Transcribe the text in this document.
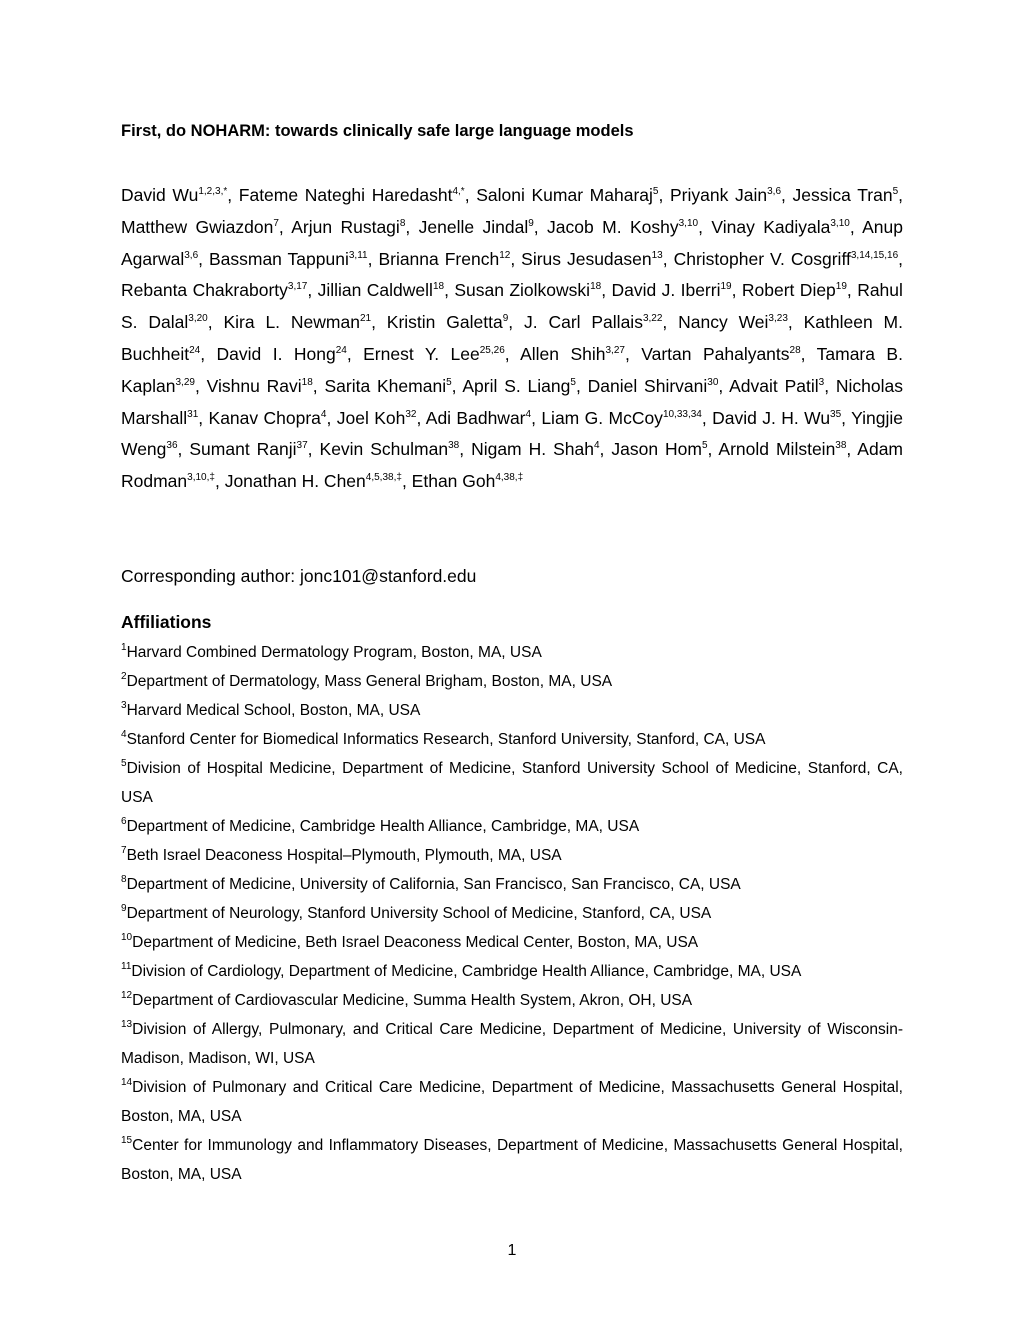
First, do NOHARM: towards clinically safe large language models

David $Wu^{1,2,3,*}$, Fateme Nateghi Haredasht$^{4,*}$, Saloni Kumar Maharaj$^5$, Priyank Jain$^{3,6}$, Jessica Tran$^5$, Matthew Gwiazdon$^7$, Arjun Rustagi$^8$, Jenelle Jindal$^9$, Jacob M. Koshy$^{3,10}$, Vinay Kadiyala$^{3,10}$, Anup Agarwal$^{3,6}$, Bassman Tappuni$^{3,11}$, Brianna French$^{12}$, Sirus Jesudasen$^{13}$, Christopher V. Cosgriff$^{3,14,15,16}$, Rebanta Chakraborty$^{3,17}$, Jillian Caldwell$^{18}$, Susan Ziolkowski$^{18}$, David J. Iberri$^{19}$, Robert Diep$^{19}$, Rahul S. Dalal$^{3,20}$, Kira L. Newman$^{21}$, Kristin Galetta$^9$, J. Carl Pallais$^{3,22}$, Nancy Wei$^{3,23}$, Kathleen M. Buchheit$^{24}$, David I. Hong$^{24}$, Ernest Y. Lee$^{25,26}$, Allen Shih$^{3,27}$, Vartan Pahalyants$^{28}$, Tamara B. Kaplan$^{3,29}$, Vishnu Ravi$^{18}$, Sarita Khemani$^5$, April S. Liang$^5$, Daniel Shirvani$^{30}$, Advait Patil$^3$, Nicholas Marshall$^{31}$, Kanav Chopra$^4$, Joel Koh$^{32}$, Adi Badhwar$^4$, Liam G. McCoy$^{10,33,34}$, David J. H. Wu$^{35}$, Yingjie Weng$^{36}$, Sumant Ranji$^{37}$, Kevin Schulman$^{38}$, Nigam H. Shah$^4$, Jason Hom$^5$, Arnold Milstein$^{38}$, Adam Rodman$^{3,10,\ddagger}$, Jonathan H. Chen$^{4,5,38,\ddagger}$, Ethan Goh$^{4,38,\ddagger}$

Corresponding author: jonc101@stanford.edu

Affiliations
$^1$Harvard Combined Dermatology Program, Boston, MA, USA
$^2$Department of Dermatology, Mass General Brigham, Boston, MA, USA
$^3$Harvard Medical School, Boston, MA, USA
$^4$Stanford Center for Biomedical Informatics Research, Stanford University, Stanford, CA, USA
$^5$Division of Hospital Medicine, Department of Medicine, Stanford University School of Medicine, Stanford, CA, USA
$^6$Department of Medicine, Cambridge Health Alliance, Cambridge, MA, USA
$^7$Beth Israel Deaconess Hospital–Plymouth, Plymouth, MA, USA
$^8$Department of Medicine, University of California, San Francisco, San Francisco, CA, USA
$^9$Department of Neurology, Stanford University School of Medicine, Stanford, CA, USA
$^{10}$Department of Medicine, Beth Israel Deaconess Medical Center, Boston, MA, USA
$^{11}$Division of Cardiology, Department of Medicine, Cambridge Health Alliance, Cambridge, MA, USA
$^{12}$Department of Cardiovascular Medicine, Summa Health System, Akron, OH, USA
$^{13}$Division of Allergy, Pulmonary, and Critical Care Medicine, Department of Medicine, University of Wisconsin-Madison, Madison, WI, USA
$^{14}$Division of Pulmonary and Critical Care Medicine, Department of Medicine, Massachusetts General Hospital, Boston, MA, USA
$^{15}$Center for Immunology and Inflammatory Diseases, Department of Medicine, Massachusetts General Hospital, Boston, MA, USA

1
